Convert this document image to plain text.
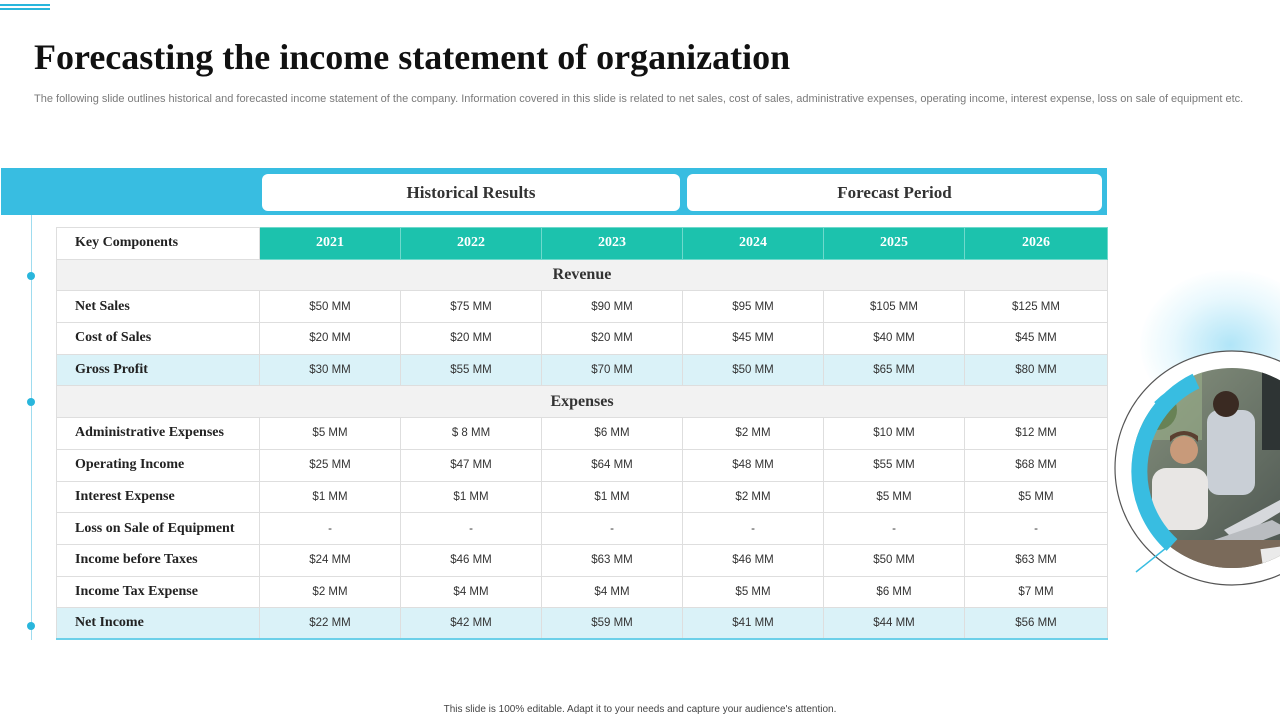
Forecasting the income statement of organization

The following slide outlines historical and forecasted income statement of the company. Information covered in this slide is related to net sales, cost of sales, administrative expenses, operating income, interest expense, loss on sale of equipment etc.

Historical Results	Forecast Period
Key Components	2021	2022	2023	2024	2025	2026
Revenue						
Net Sales	$50 MM	$75 MM	$90 MM	$95 MM	$105 MM	$125 MM
Cost of Sales	$20 MM	$20 MM	$20 MM	$45 MM	$40 MM	$45 MM
Gross Profit	$30 MM	$55 MM	$70 MM	$50 MM	$65 MM	$80 MM
Expenses						
Administrative Expenses	$5 MM	$ 8 MM	$6 MM	$2 MM	$10 MM	$12 MM
Operating Income	$25 MM	$47 MM	$64 MM	$48 MM	$55 MM	$68 MM
Interest Expense	$1 MM	$1 MM	$1 MM	$2 MM	$5 MM	$5 MM
Loss on Sale of Equipment	-	-	-	-	-	-
Income before Taxes	$24 MM	$46 MM	$63 MM	$46 MM	$50 MM	$63 MM
Income Tax Expense	$2 MM	$4 MM	$4 MM	$5 MM	$6 MM	$7 MM
Net Income	$22 MM	$42 MM	$59 MM	$41 MM	$44 MM	$56 MM
This slide is 100% editable. Adapt it to your needs and capture your audience's attention.
